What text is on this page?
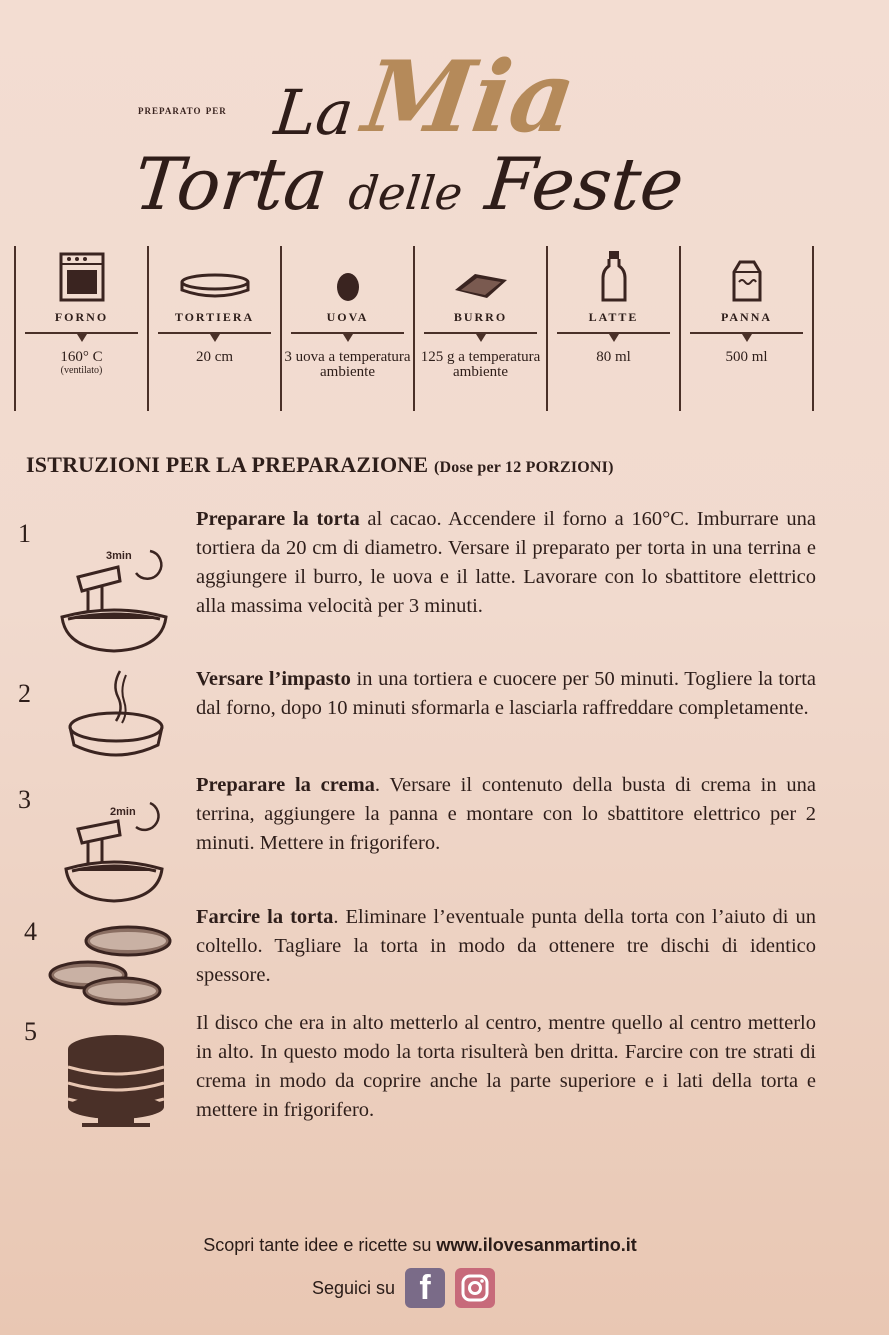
preparato per La Mia
Torta delle Feste
FORNO
160° C
(ventilato)
TORTIERA
20 cm
UOVA
3 uova a temperatura ambiente
BURRO
125 g a temperatura ambiente
LATTE
80 ml
PANNA
500 ml
ISTRUZIONI PER LA PREPARAZIONE (Dose per 12 PORZIONI)
1
3min
Preparare la torta al cacao. Accendere il forno a 160°C. Imburrare una tortiera da 20 cm di diametro. Versare il preparato per torta in una terrina e aggiungere il burro, le uova e il latte. Lavorare con lo sbattitore elettrico alla massima velocità per 3 minuti.
2	Versare l’impasto in una tortiera e cuocere per 50 minuti. Togliere la torta dal forno, dopo 10 minuti sformarla e lasciarla raffreddare completamente.
3	2min
Preparare la crema. Versare il contenuto della busta di crema in una terrina, aggiungere la panna e montare con lo sbattitore elettrico per 2 minuti. Mettere in frigorifero.
4	Farcire la torta. Eliminare l’eventuale punta della torta con l’aiuto di un coltello. Tagliare la torta in modo da ottenere tre dischi di identico spessore.
5	Il disco che era in alto metterlo al centro, mentre quello al centro metterlo in alto. In questo modo la torta risulterà ben dritta. Farcire con tre strati di crema in modo da coprire anche la parte superiore e i lati della torta e mettere in frigorifero.
Scopri tante idee e ricette su www.ilovesanmartino.it
Seguici su f
